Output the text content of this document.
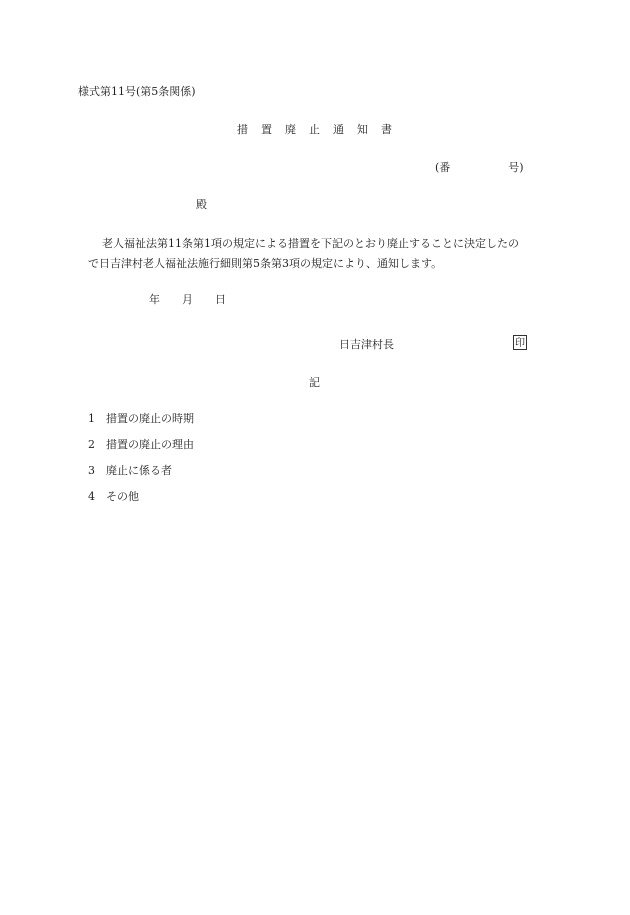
様式第11号(第5条関係)
措　置　廃　止　通　知　書
(番	号)
殿
老人福祉法第11条第1項の規定による措置を下記のとおり廃止することに決定したの
で日吉津村老人福祉法施行細則第5条第3項の規定により、通知します。
年 月 日
日吉津村長	印
記
1 措置の廃止の時期
2 措置の廃止の理由
3 廃止に係る者
4 その他
